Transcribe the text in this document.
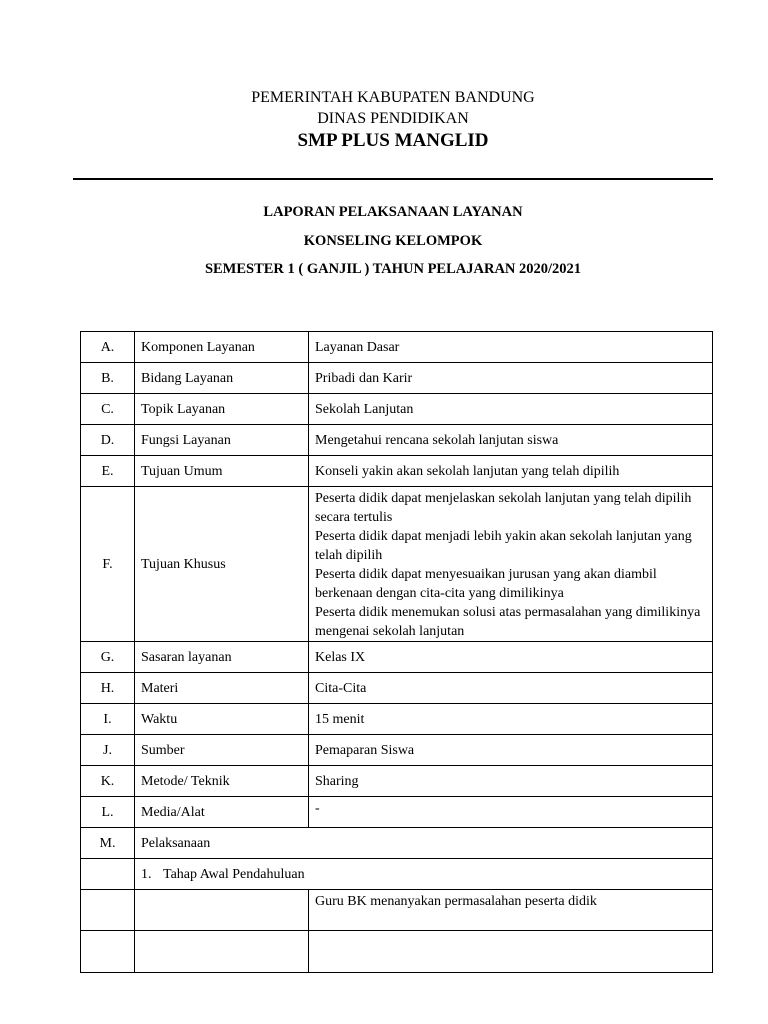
PEMERINTAH KABUPATEN BANDUNG
DINAS PENDIDIKAN
SMP PLUS MANGLID
LAPORAN PELAKSANAAN LAYANAN
KONSELING KELOMPOK
SEMESTER 1 ( GANJIL ) TAHUN PELAJARAN 2020/2021
A.	Komponen Layanan	Layanan Dasar
B.	Bidang Layanan	Pribadi dan Karir
C.	Topik Layanan	Sekolah Lanjutan
D.	Fungsi Layanan	Mengetahui rencana sekolah lanjutan siswa
E.	Tujuan Umum	Konseli yakin akan sekolah lanjutan yang telah dipilih
F.	Tujuan Khusus	Peserta didik dapat menjelaskan sekolah lanjutan yang telah dipilih secara tertulis
Peserta didik dapat menjadi lebih yakin akan sekolah lanjutan yang telah dipilih
Peserta didik dapat menyesuaikan jurusan yang akan diambil berkenaan dengan cita-cita yang dimilikinya
Peserta didik menemukan solusi atas permasalahan yang dimilikinya mengenai sekolah lanjutan

G.	Sasaran layanan	Kelas IX
H.	Materi	Cita-Cita
I.	Waktu	15 menit
J.	Sumber	Pemaparan Siswa
K.	Metode/ Teknik	Sharing
L.	Media/Alat	-
M.	Pelaksanaan	
	1. Tahap Awal Pendahuluan	
		Guru BK menanyakan permasalahan peserta didik
